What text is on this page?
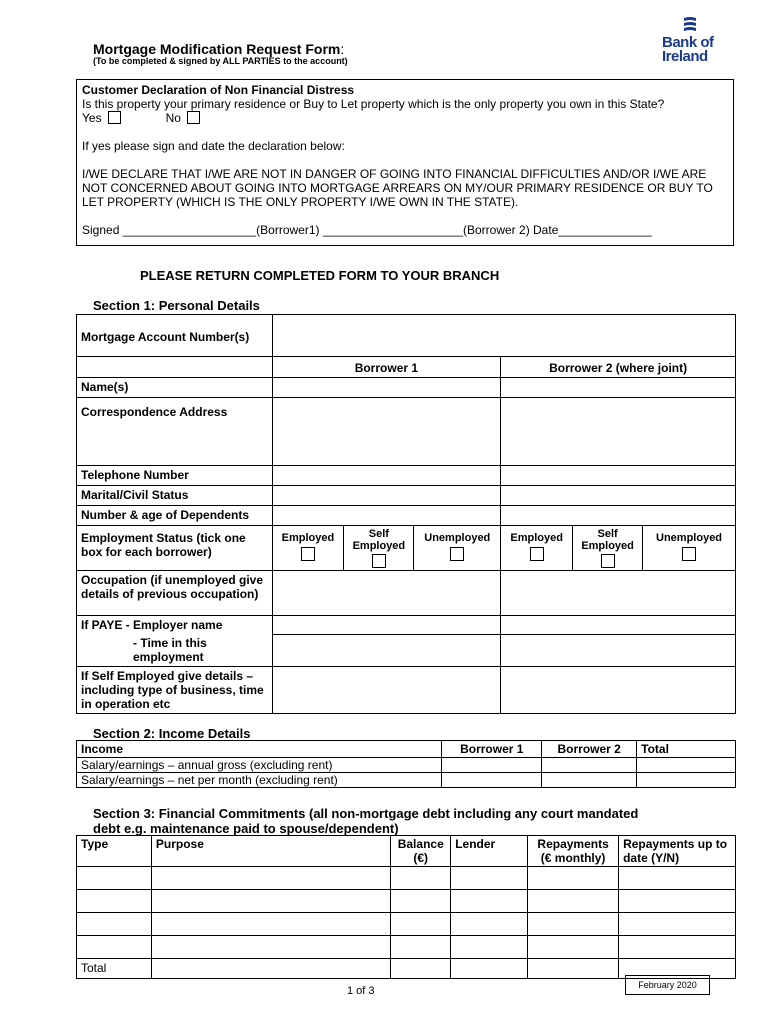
Mortgage Modification Request Form:
(To be completed & signed by ALL PARTIES to the account)
Bank of
Ireland

Customer Declaration of Non Financial Distress

Is this property your primary residence or Buy to Let property which is the only property you own in this State?

Yes	No

If yes please sign and date the declaration below:

I/WE DECLARE THAT I/WE ARE NOT IN DANGER OF GOING INTO FINANCIAL DIFFICULTIES AND/OR I/WE ARE NOT CONCERNED ABOUT GOING INTO MORTGAGE ARREARS ON MY/OUR PRIMARY RESIDENCE OR BUY TO LET PROPERTY (WHICH IS THE ONLY PROPERTY I/WE OWN IN THE STATE).

Signed ____________________(Borrower1) _____________________(Borrower 2) Date______________

PLEASE RETURN COMPLETED FORM TO YOUR BRANCH
Section 1: Personal Details
Mortgage Account Number(s)						
	Borrower 1			Borrower 2 (where joint)		
Name(s)						
Correspondence Address						
Telephone Number						
Marital/Civil Status						
Number & age of Dependents						
Employment Status (tick one box for each borrower)	Employed	Self Employed	Unemployed	Employed	Self Employed	Unemployed

Occupation (if unemployed give details of previous occupation)						
If PAYE - Employer name						
- Time in this employment						
If Self Employed give details – including type of business, time in operation etc						
Section 2: Income Details
Income	Borrower 1	Borrower 2	Total
Salary/earnings – annual gross (excluding rent)			
Salary/earnings – net per month (excluding rent)			
Section 3: Financial Commitments (all non-mortgage debt including any court mandated debt e.g. maintenance paid to spouse/dependent)
Type	Purpose	Balance (€)	Lender	Repayments (€ monthly)	Repayments up to date (Y/N)

Total					
1 of 3	February 2020
